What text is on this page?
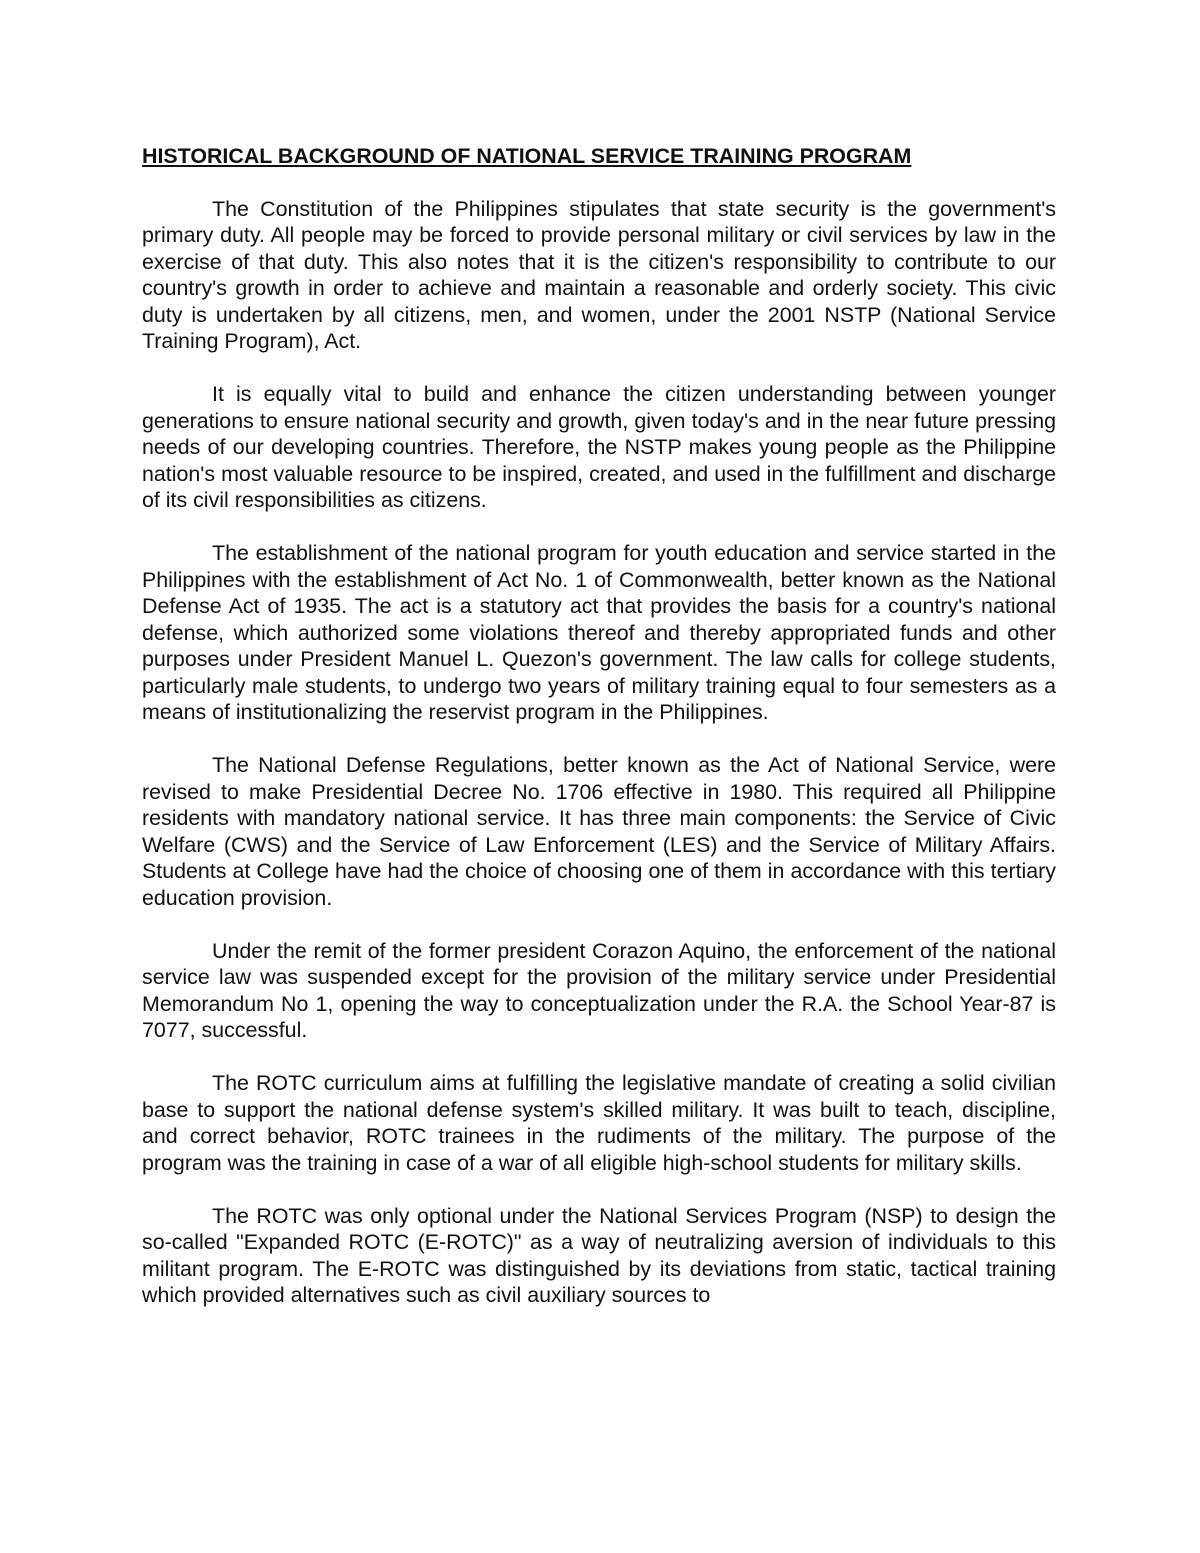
HISTORICAL BACKGROUND OF NATIONAL SERVICE TRAINING PROGRAM

The Constitution of the Philippines stipulates that state security is the government's primary duty. All people may be forced to provide personal military or civil services by law in the exercise of that duty. This also notes that it is the citizen's responsibility to contribute to our country's growth in order to achieve and maintain a reasonable and orderly society. This civic duty is undertaken by all citizens, men, and women, under the 2001 NSTP (National Service Training Program), Act.

It is equally vital to build and enhance the citizen understanding between younger generations to ensure national security and growth, given today's and in the near future pressing needs of our developing countries. Therefore, the NSTP makes young people as the Philippine nation's most valuable resource to be inspired, created, and used in the fulfillment and discharge of its civil responsibilities as citizens.

The establishment of the national program for youth education and service started in the Philippines with the establishment of Act No. 1 of Commonwealth, better known as the National Defense Act of 1935. The act is a statutory act that provides the basis for a country's national defense, which authorized some violations thereof and thereby appropriated funds and other purposes under President Manuel L. Quezon's government. The law calls for college students, particularly male students, to undergo two years of military training equal to four semesters as a means of institutionalizing the reservist program in the Philippines.

The National Defense Regulations, better known as the Act of National Service, were revised to make Presidential Decree No. 1706 effective in 1980. This required all Philippine residents with mandatory national service. It has three main components: the Service of Civic Welfare (CWS) and the Service of Law Enforcement (LES) and the Service of Military Affairs. Students at College have had the choice of choosing one of them in accordance with this tertiary education provision.

Under the remit of the former president Corazon Aquino, the enforcement of the national service law was suspended except for the provision of the military service under Presidential Memorandum No 1, opening the way to conceptualization under the R.A. the School Year-87 is 7077, successful.

The ROTC curriculum aims at fulfilling the legislative mandate of creating a solid civilian base to support the national defense system's skilled military. It was built to teach, discipline, and correct behavior, ROTC trainees in the rudiments of the military. The purpose of the program was the training in case of a war of all eligible high-school students for military skills.

The ROTC was only optional under the National Services Program (NSP) to design the so-called "Expanded ROTC (E-ROTC)" as a way of neutralizing aversion of individuals to this militant program. The E-ROTC was distinguished by its deviations from static, tactical training which provided alternatives such as civil auxiliary sources to
